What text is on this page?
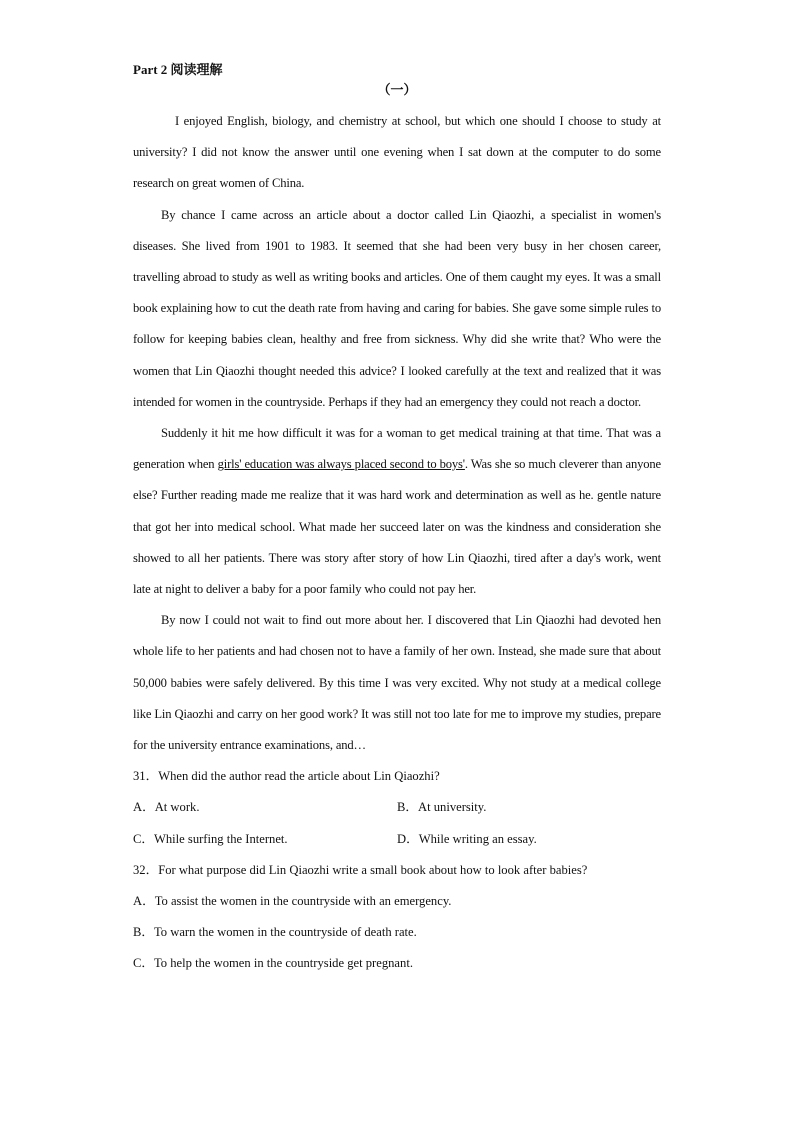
Part 2 阅读理解

（一）

I enjoyed English, biology, and chemistry at school, but which one should I choose to study at university? I did not know the answer until one evening when I sat down at the computer to do some research on great women of China.

By chance I came across an article about a doctor called Lin Qiaozhi, a specialist in women's diseases. She lived from 1901 to 1983. It seemed that she had been very busy in her chosen career, travelling abroad to study as well as writing books and articles. One of them caught my eyes. It was a small book explaining how to cut the death rate from having and caring for babies. She gave some simple rules to follow for keeping babies clean, healthy and free from sickness. Why did she write that? Who were the women that Lin Qiaozhi thought needed this advice? I looked carefully at the text and realized that it was intended for women in the countryside. Perhaps if they had an emergency they could not reach a doctor.

Suddenly it hit me how difficult it was for a woman to get medical training at that time. That was a generation when girls' education was always placed second to boys'. Was she so much cleverer than anyone else? Further reading made me realize that it was hard work and determination as well as he. gentle nature that got her into medical school. What made her succeed later on was the kindness and consideration she showed to all her patients. There was story after story of how Lin Qiaozhi, tired after a day's work, went late at night to deliver a baby for a poor family who could not pay her.

By now I could not wait to find out more about her. I discovered that Lin Qiaozhi had devoted hen whole life to her patients and had chosen not to have a family of her own. Instead, she made sure that about 50,000 babies were safely delivered. By this time I was very excited. Why not study at a medical college like Lin Qiaozhi and carry on her good work? It was still not too late for me to improve my studies, prepare for the university entrance examinations, and…

31．When did the author read the article about Lin Qiaozhi?

A．At work.	B．At university.
C．While surfing the Internet.	D．While writing an essay.

32．For what purpose did Lin Qiaozhi write a small book about how to look after babies?

A．To assist the women in the countryside with an emergency.

B．To warn the women in the countryside of death rate.

C．To help the women in the countryside get pregnant.
